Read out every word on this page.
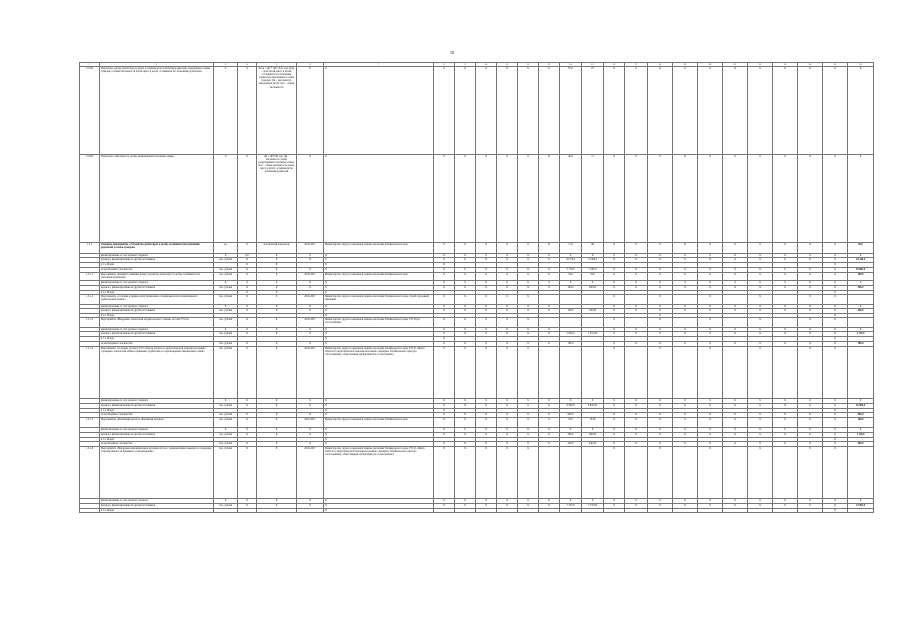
18
1	2	3	4	5	6	7	8	9	10	11	12	13	14	15	16	17	18	19	20	21	22	23	24	25	26
1.5.001	Показатель «Доля детей-сирот и детей, оставшихся без попечения родителей, переданных в семьи граждан, в общей численности детей-сирот и детей, оставшихся без попечения родителей»	%	X	Дсер = Дп * 100 / Доб, где: Дсер – доля детей-сирот и детей, оставшихся без попечения родителей, переданных в семьи граждан; Дп – численность переданных детей; Доб – общая численность	X	X	X	X	X	X	X	X	87,0	87	X	X	X	X	X	X	X	X	X	X	X
1.5.002	Показатель «Численность детей, возвращенных в кровные семьи»	%	X	Дв = Дв*100, где: Дв – численность детей, возвращенных в кровные семьи; Доб – общая численность детей-сирот и детей, оставшихся без попечения родителей	X	X	X	X	X	X	X	X	46,0	71	X	X	X	X	X	X	X	X	X	X	X
1.5.1	Основное мероприятие «Устройство детей-сирот и детей, оставшихся без попечения родителей, в семьи граждан»	ед.	X	абсолютный показатель	2016-2017	Министерство труда и социальной защиты населения Забайкальского края	X	X	X	X	X	X	71,0	98	X	X	X	X	X	X	X	X	X	X	83,0
	финансирование за счет краевого бюджета	X	0,0	X	X	X	X	X	X	X	X	X	X	X	X	X	X	X	X	X	X	X	X	X	X
	краевого, финансирование из других источников	тыс. рублей	X	X	X	X	X	X	X	X	X	X	18 776,0	13 994,0	X	X	X	X	X	X	X	X	X	X	44 346,0
	в т.ч. Фонда		X	X		X	X																	X	
	из необходимого количества	тыс. рублей	X	X	X	X	X	X	X	X	X	X	5 770,0	7 495,0	X	X	X	X	X	X	X	X	X	X	18 803,0
1.5.1.1	Мероприятие «Развитие семейных форм устройства детей-сирот и детей, оставшихся без попечения родителей»	тыс. рублей	X	X	2016-2017	Министерство труда и социальной защиты населения Забайкальского края	X	X	X	X	X	X	78,0	78,0	X	X	X	X	X	X	X	X	X	X	100,0
	финансирование за счет краевого бюджета	X	X	X	X	X	X	X	X	X	X	X	X	X	X	X	X	X	X	X	X	X	X	X	X
	краевого, финансирование из других источников	тыс. рублей	X	X	X	X	X	X	X	X	X	X	300,0	300,00	X	X	X	X	X	X	X	X	X	X	300,0
	в т.ч. Фонда		X	X		X																		X	
1.5.1.2	Мероприятие «Создание в медико-регистрационных, специальной или ограниченных в родительских правах»	тыс. рублей	X	X	2016-2017	Министерство труда и социальной защиты населения Забайкальского края, Служба (родовых) приемных	X	X	X	X	X				X		X		X		X		X	X	
	финансирование за счет краевого бюджета	X	X	X	X	X	X	X	X	X	X	X			X	X	X	X	X	X	X	X	X	X	X
	краевого, финансирование из других источников	тыс. рублей	X	X	X	X	X	X	X	X	X	X	100,0	100,00	X	X	X	X	X	X	X	X	X	X	300,0
	в т.ч. Фонда					X											X							X	
1.5.1.3	Мероприятие «Внедрение технологии «Родительская гостиная» на базе ГУСО»	тыс. рублей	X	X	2016-2017	Министерство труда и социальной защиты населения Забайкальского края, ГУСО (по согласованию)	X	X	X	X	X				X		X		X		X		X	X	
	финансирование за счет краевого бюджета	X	X	X	X	X	X	X	X	X	X	X			X	X	X	X	X	X	X	X	X	X	X
	краевого, финансирование из других источников	тыс. рублей	X	X	X	X	X	X	X	X	X	X	1 659,0	1 631,00	X	X	X	X	X	X	X	X	X	X	2 170,0
	в т.ч. Фонда					X	X																	X	
	из необходимого количества	тыс. рублей	X	X	X	X	X	X	X	X	X	X	780,0		X	X	X	X	X	X	X	X	X	X	780,0
1.5.1.4	Мероприятие «Создание на базе ГУСО «Центр психолого-педагогической помощи населению «Доверие» технологии «Школа приемных родителей» и сопровождения замещающих семей»	тыс. рублей	X	X	2016-2017	Министерство труда и социальной защиты населения Забайкальского края, ГУСО «Центр психолого-педагогической помощи населению «Доверие» Забайкальского края (по согласованию), общественная организация (по согласованию)	X	X	X	X	X				X		X		X		X		X	X	
	финансирование за счет краевого бюджета	X	X	X	X	X	X	X	X	X	X	X	X	X	X	X	X	X	X	X	X	X	X	X	X
	краевого, финансирование из других источников	тыс. рублей	X	X	X	X	X	X	X	X	X	X	6 300,0	8 835,00	X	X	X	X	X	X	X	X	X	X	16 800,0
	в т.ч. Фонда					X	X																	X	
	из необходимого количества	тыс. рублей	X	X	X	X	X	X	X	X	X	X	900,0		X	X	X	X	X	X	X	X	X	X	900,0
1.5.1.5	Мероприятие «Реализация проекта «Бережный ребенок»	тыс. рублей	X	X	2016-2017	Министерство труда и социальной защиты населения Забайкальского края	X	X	X	X	X	X	70,0	70,00	X	X	X	X	X	X	X	X	X	X	100,0
	финансирование за счет краевого бюджета	X	X	X	X	X	X	X	X	X	X	X	X	X	X	X	X	X	X	X	X	X	X	X	X
	краевого, финансирование из других источников	тыс. рублей	X	X	X	X	X	X	X	X	X	X	560,0	560,00	X	X	X	X	X	X	X	X	X	X	1 120,0
	в т.ч. Фонда					X																		X	
	из необходимого количества	тыс. рублей	X	X	X	X	X	X	X	X	X	X	240,0	240,00	X	X	X	X	X	X	X	X	X	X	490,0
1.5.1.6	Мероприятие «Внедрение инновационных методик работы с замещающими семьями по поддержке и преемственности приемного сопровождения»	тыс. рублей	X	X	2016-2017	Министерство труда и социальной защиты населения Забайкальского края, ГУСО «Центр психолого-педагогической помощи населению «Доверие» Забайкальского края (по согласованию), общественная организация (по согласованию)	X	X	X	X	X				X		X		X		X		X	X	
	финансирование за счет краевого бюджета	X	X	X	X	X	X	X	X	X	X	X	X	X	X	X	X	X	X	X	X	X	X	X	X
	краевого, финансирование из других источников	тыс. рублей	X	X	X	X	X	X	X	X	X	X	7 370,0	7 737,00	X	X	X	X	X	X	X	X	X	X	13 093,0
	в т.ч. Фонда					X																		X	
